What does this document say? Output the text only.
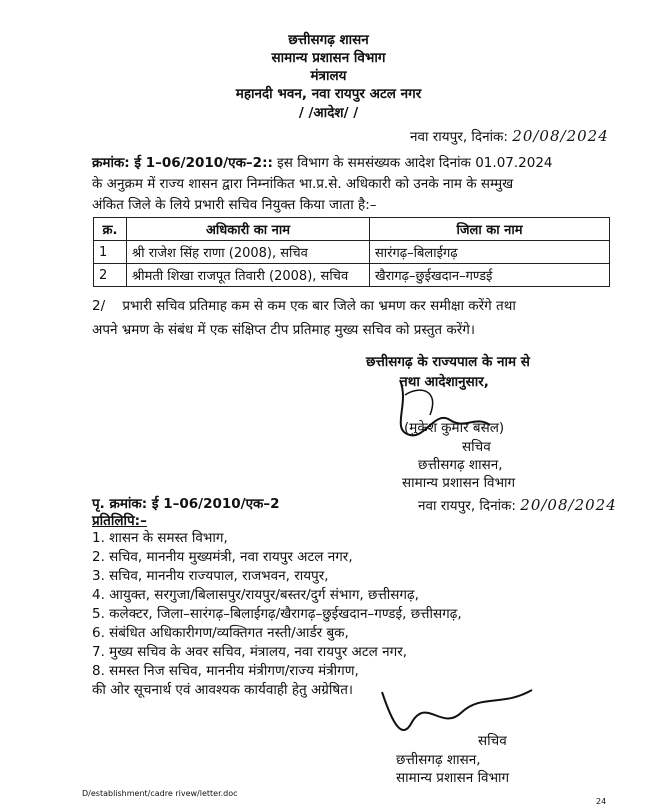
छत्तीसगढ़ शासन
सामान्य प्रशासन विभाग
मंत्रालय
महानदी भवन, नवा रायपुर अटल नगर
/ /आदेश/ /
नवा रायपुर, दिनांक: 20/08/2024
क्रमांक: ई 1–06/2010/एक–2:: इस विभाग के समसंख्यक आदेश दिनांक 01.07.2024
के अनुक्रम में राज्य शासन द्वारा निम्नांकित भा.प्र.से. अधिकारी को उनके नाम के सम्मुख
अंकित जिले के लिये प्रभारी सचिव नियुक्त किया जाता है:–
क्र.	अधिकारी का नाम	जिला का नाम
1	श्री राजेश सिंह राणा (2008), सचिव	सारंगढ़–बिलाईगढ़
2	श्रीमती शिखा राजपूत तिवारी (2008), सचिव	खैरागढ़–छुईखदान–गण्डई
2/ प्रभारी सचिव प्रतिमाह कम से कम एक बार जिले का भ्रमण कर समीक्षा करेंगे तथा
अपने भ्रमण के संबंध में एक संक्षिप्त टीप प्रतिमाह मुख्य सचिव को प्रस्तुत करेंगे।
छत्तीसगढ़ के राज्यपाल के नाम से
तथा आदेशानुसार,
(मुकेश कुमार बंसल)
सचिव
छत्तीसगढ़ शासन,
सामान्य प्रशासन विभाग
पृ. क्रमांक: ई 1–06/2010/एक–2	नवा रायपुर, दिनांक: 20/08/2024
प्रतिलिपि:–
1. शासन के समस्त विभाग,
2. सचिव, माननीय मुख्यमंत्री, नवा रायपुर अटल नगर,
3. सचिव, माननीय राज्यपाल, राजभवन, रायपुर,
4. आयुक्त, सरगुजा/बिलासपुर/रायपुर/बस्तर/दुर्ग संभाग, छत्तीसगढ़,
5. कलेक्टर, जिला–सारंगढ़–बिलाईगढ़/खैरागढ़–छुईखदान–गण्डई, छत्तीसगढ़,
6. संबंधित अधिकारीगण/व्यक्तिगत नस्ती/आर्डर बुक,
7. मुख्य सचिव के अवर सचिव, मंत्रालय, नवा रायपुर अटल नगर,
8. समस्त निज सचिव, माननीय मंत्रीगण/राज्य मंत्रीगण,
की ओर सूचनार्थ एवं आवश्यक कार्यवाही हेतु अग्रेषित।
सचिव
छत्तीसगढ़ शासन,
सामान्य प्रशासन विभाग
D/establishment/cadre rivew/letter.doc
24
